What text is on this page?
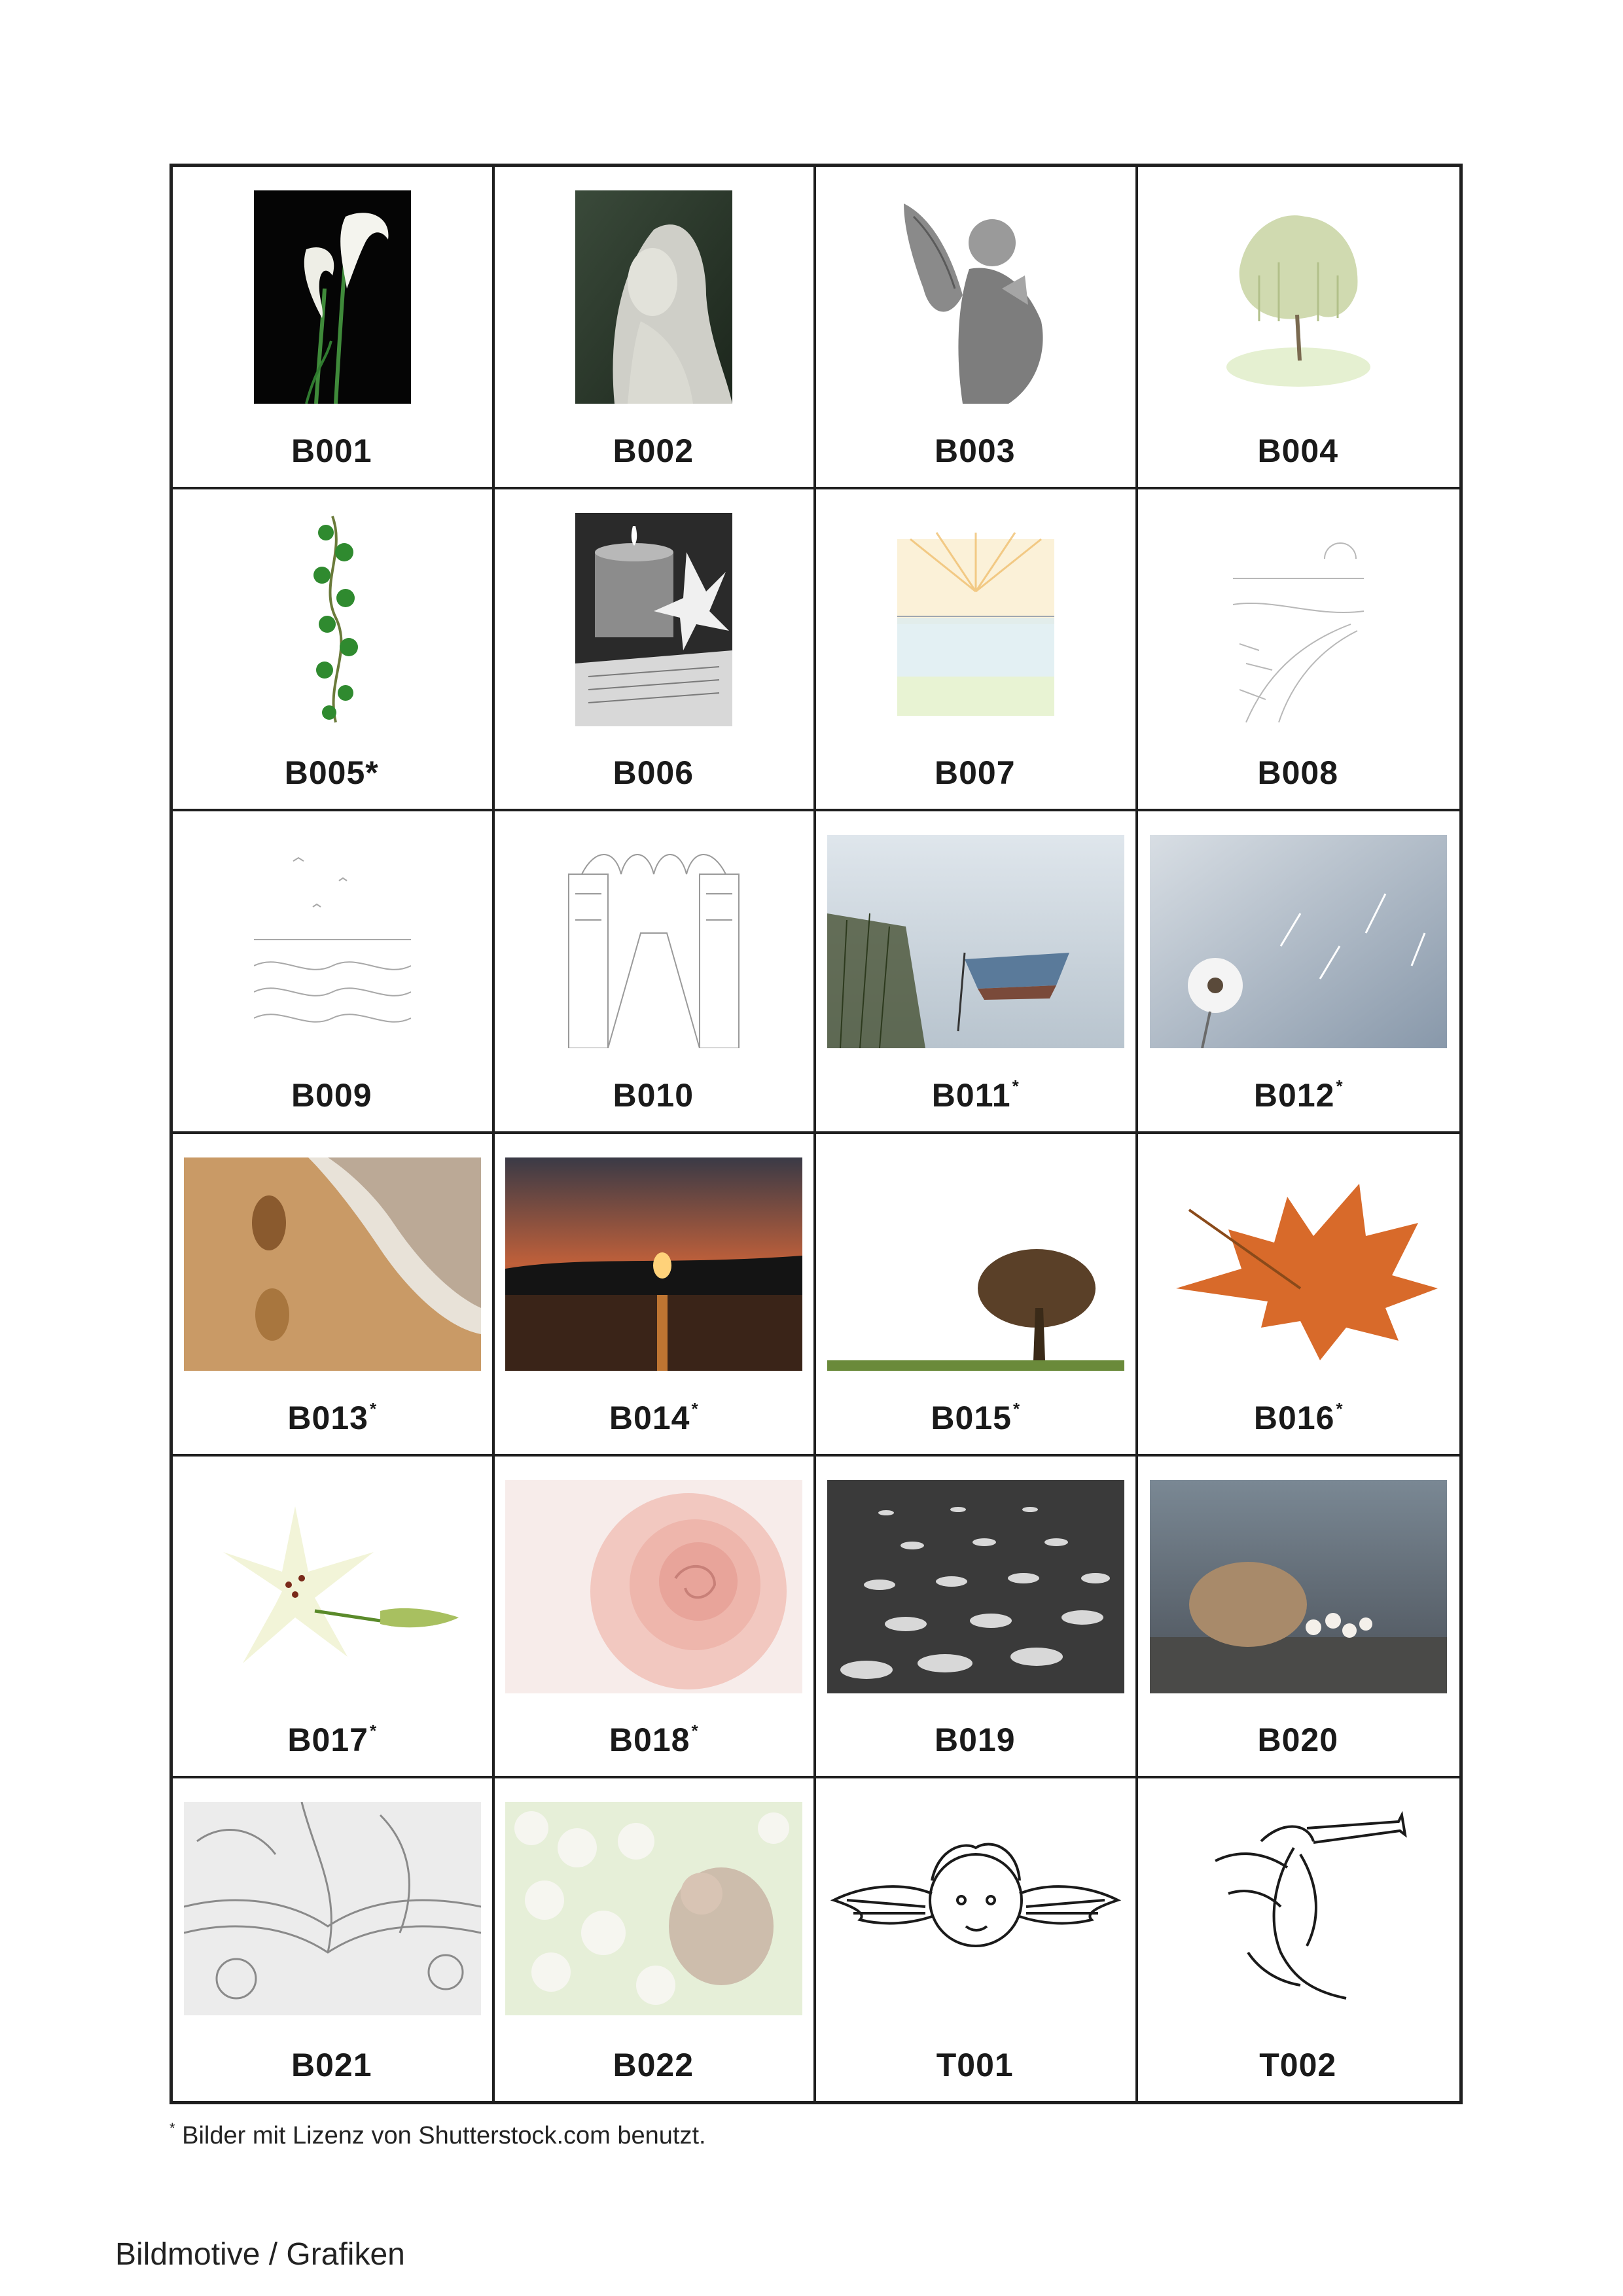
B001	B002	B003	B004
B005*	B006	B007	B008
B009	B010	B011*	B012*
B013*	B014*	B015*	B016*
B017*	B018*	B019	B020
B021	B022	T001	T002
* Bilder mit Lizenz von Shutterstock.com benutzt.
Bildmotive / Grafiken
